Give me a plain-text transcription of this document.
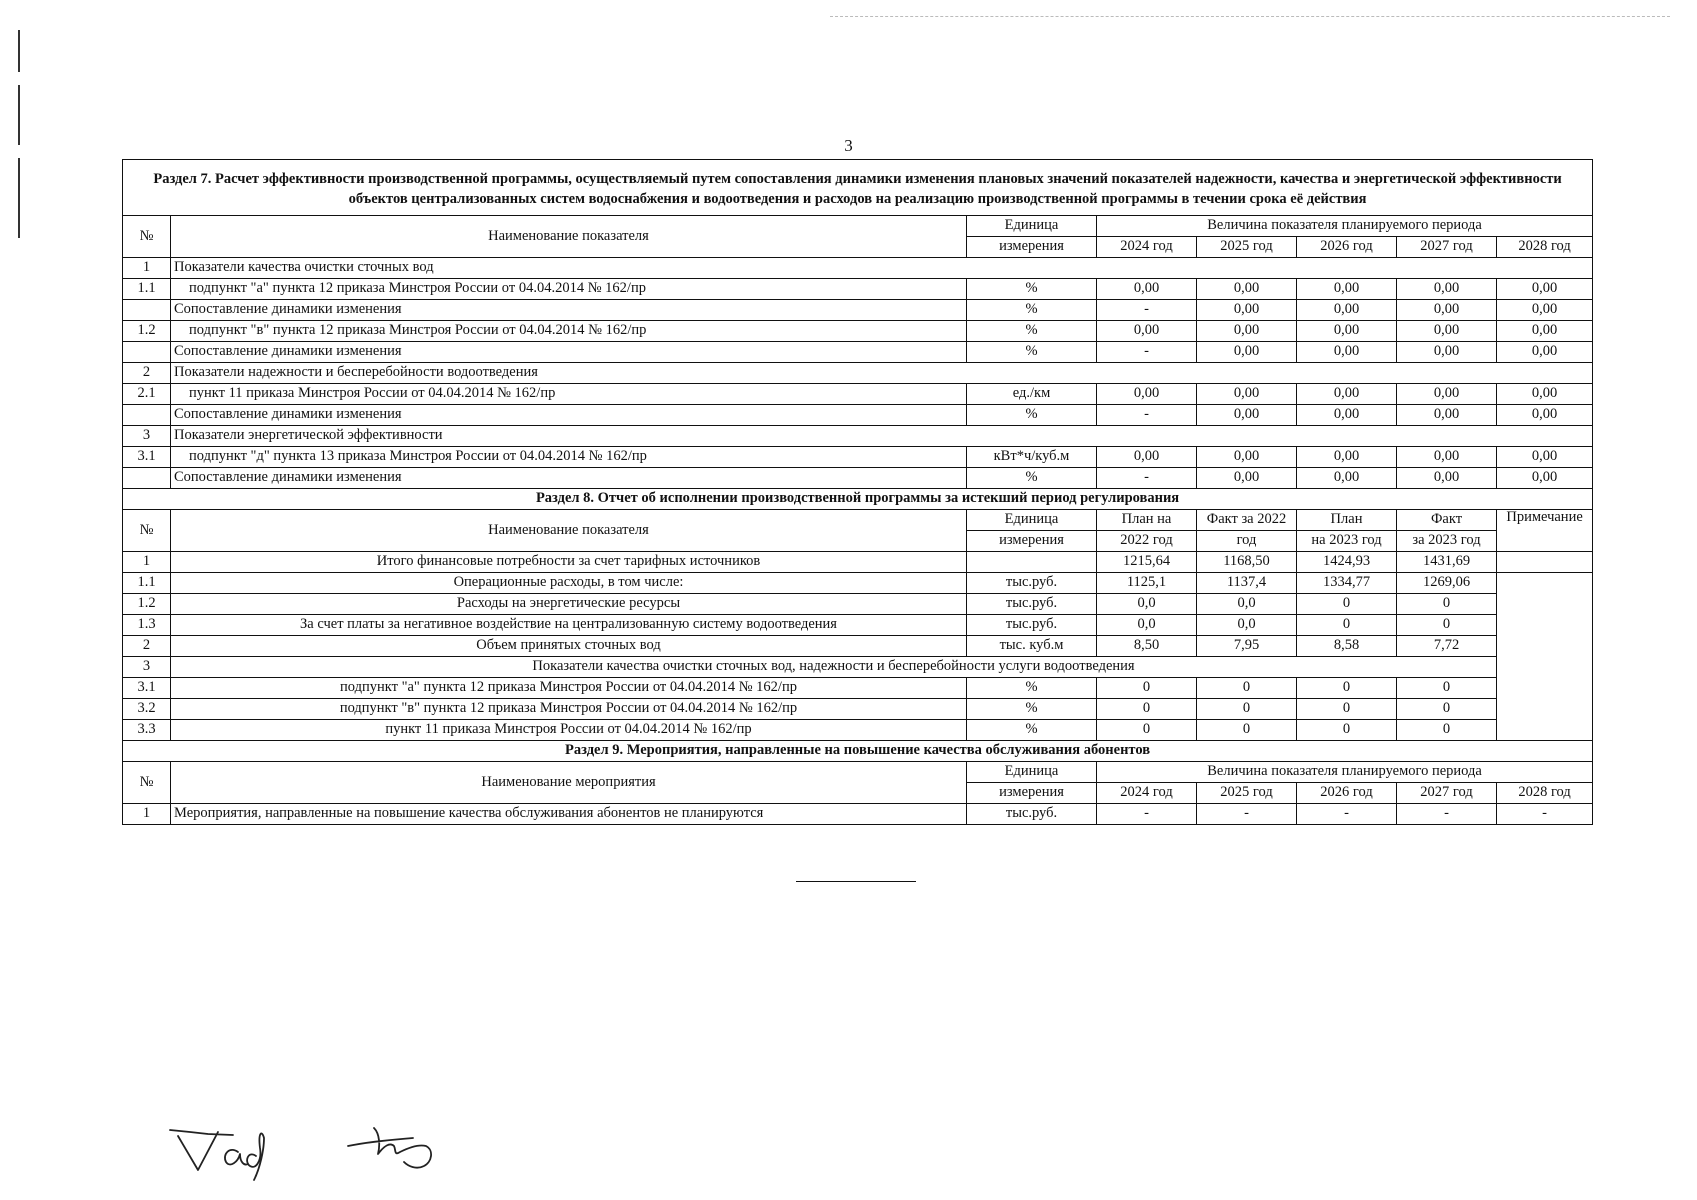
3
Раздел 7. Расчет эффективности производственной программы, осуществляемый путем сопоставления динамики изменения плановых значений показателей надежности, качества и энергетической эффективности объектов централизованных систем водоснабжения и водоотведения и расходов на реализацию производственной программы в течении срока её действия							
№	Наименование показателя	Единица	Величина показателя планируемого периода				
		измерения	2024 год	2025 год	2026 год	2027 год	2028 год
1	Показатели качества очистки сточных вод						
1.1	подпункт "а" пункта 12 приказа Минстроя России от 04.04.2014 № 162/пр	%	0,00	0,00	0,00	0,00	0,00
	Сопоставление динамики изменения	%	-	0,00	0,00	0,00	0,00
1.2	подпункт "в" пункта 12 приказа Минстроя России от 04.04.2014 № 162/пр	%	0,00	0,00	0,00	0,00	0,00
	Сопоставление динамики изменения	%	-	0,00	0,00	0,00	0,00
2	Показатели надежности и бесперебойности водоотведения						
2.1	пункт 11 приказа Минстроя России от 04.04.2014 № 162/пр	ед./км	0,00	0,00	0,00	0,00	0,00
	Сопоставление динамики изменения	%	-	0,00	0,00	0,00	0,00
3	Показатели энергетической эффективности						
3.1	подпункт "д" пункта 13 приказа Минстроя России от 04.04.2014 № 162/пр	кВт*ч/куб.м	0,00	0,00	0,00	0,00	0,00
	Сопоставление динамики изменения	%	-	0,00	0,00	0,00	0,00
Раздел 8. Отчет об исполнении производственной программы за истекший период регулирования							
№	Наименование показателя	Единица	План на	Факт за 2022	План	Факт	Примечание
		измерения	2022 год	год	на 2023 год	за 2023 год	
1	Итого финансовые потребности за счет тарифных источников		1215,64	1168,50	1424,93	1431,69	
1.1	Операционные расходы, в том числе:	тыс.руб.	1125,1	1137,4	1334,77	1269,06	
1.2	Расходы на энергетические ресурсы	тыс.руб.	0,0	0,0	0	0	
1.3	За счет платы за негативное воздействие на централизованную систему водоотведения	тыс.руб.	0,0	0,0	0	0	
2	Объем принятых сточных вод	тыс. куб.м	8,50	7,95	8,58	7,72	
3	Показатели качества очистки сточных вод, надежности и бесперебойности услуги водоотведения						
3.1	подпункт "а" пункта 12 приказа Минстроя России от 04.04.2014 № 162/пр	%	0	0	0	0	
3.2	подпункт "в" пункта 12 приказа Минстроя России от 04.04.2014 № 162/пр	%	0	0	0	0	
3.3	пункт 11 приказа Минстроя России от 04.04.2014 № 162/пр	%	0	0	0	0	
Раздел 9. Мероприятия, направленные на повышение качества обслуживания абонентов							
№	Наименование мероприятия	Единица	Величина показателя планируемого периода				
		измерения	2024 год	2025 год	2026 год	2027 год	2028 год
1	Мероприятия, направленные на повышение качества обслуживания абонентов не планируются	тыс.руб.	-	-	-	-	-
